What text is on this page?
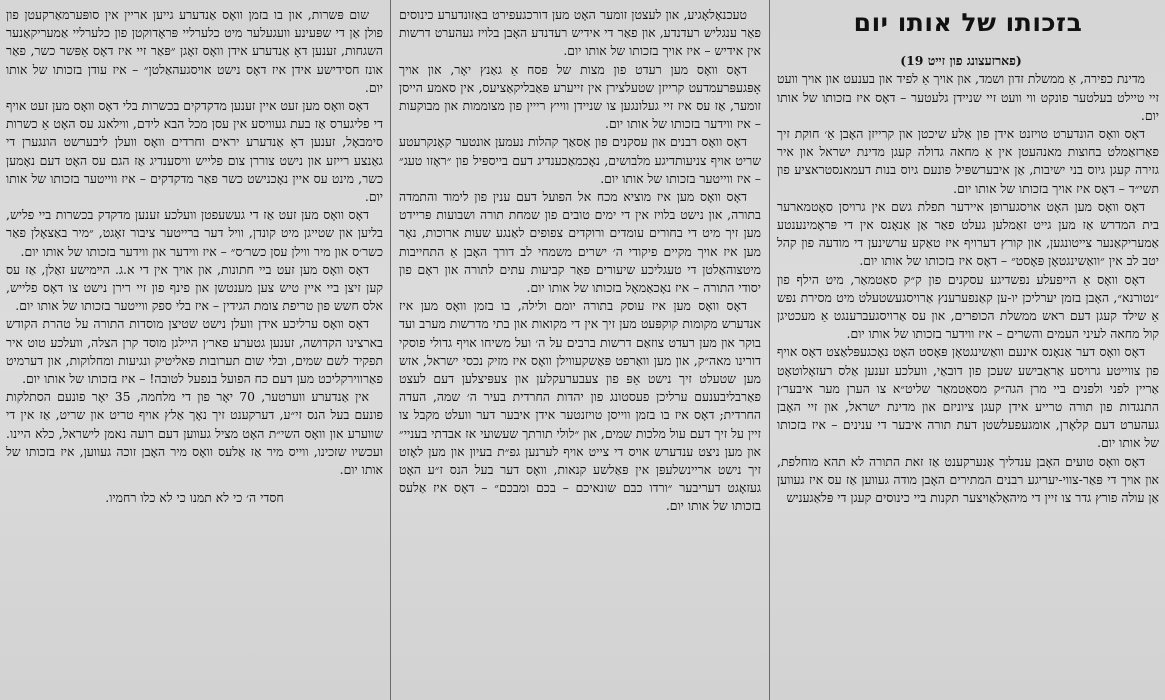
בזכותו של אותו יום

(פארזעצונג פון זייט 19)

מדינת כפירה, אַ ממשלת זדון ושמד, און אויך אַ לפיד און בענעט און אויך וועט זיי טיילט בעלטער פונקט ווי וועט זיי שניידן גלעטער – דאָס איז בזכותו של אותו יום.

דאָס וואָס הונדערט טויזנט אידן פון אַלע שיכטן און קרייזן האָבן אַ׳ חוקת זיך פאַרזאַמלט בחוצות מאנהעטן אין אַ מחאה גדולה קעגן מדינת ישראל און איר גזירה קעגן גיוס בני ישיבות, אַן איבערשפּיל פונעם גיוס בנות דעמאנסטראציע פון תשי״ד – דאָס איז אויך בזכותו של אותו יום.

דאָס וואָס מען האָט אויסגערופן איידער תפלת גשם אין גרויסן סאָטמארער בית המדרש אַז מען גייט זאַמלען געלט פאַר אַן אַנאָנס אין די פּראָמינענטע אַמעריקאַנער צייטונגען, און קורץ דערויף איז טאַקע ערשינען די מודעה פון קהל יטב לב אין ״וואַשינגטאָן פּאָסט״ – דאָס איז בזכותו של אותו יום.

דאָס וואָס אַ הייפעלע נפשדיגע עסקנים פון ק״ק סאַטמאַר, מיט הילף פון ״נטורנא״, האָבן בזמן יערליכן יו-ען קאַנפערענץ אַרויסגעשטעלט מיט מסירת נפש אַ שילד קעגן דעם ראש ממשלת הכופרים, און עס אַרויסגעברענגט אַ מעכטיגן קול מחאה לעיני העמים והשרים – איז ווידער בזכותו של אותו יום.

דאָס וואָס דער אַנאָנס אינעם וואַשינגטאָן פּאָסט האָט נאָכגעפּלאַצט דאָס אויף פון צווייטע גרויסע אַראַבישע שעכן פון דובאַי, וועלכע זענען אַלס רעזאָלוטאָט אַריין לפני ולפנים ביי מרן הגה״ק מסאַטמאַר שליט״א צו הערן מער איבער׳ן התנגדות פון תורה טרייע אידן קעגן ציוניזם און מדינת ישראל, און זיי האָבן געהערט דעם קלאָרן, אומגעפעלשטן דעת תורה איבער די ענינים – איז בזכותו של אותו יום.

דאָס וואָס טועים האָבן ענדליך אַנערקענט אַז זאת התורה לא תהא מוחלפת, און אויך די פּאַר-צווי-יעריגע רבנים המתירים האָבן מודה געווען אַז עס איז געווען אַן עולה פורץ גדר צו זיין די מיהאַלאַויצער תקנות ביי כינוסים קעגן די פּלאַגעניש

טעכנאָלאָגיע, און לעצטן זומער האָט מען דורכגעפירט באַזונדערע כינוסים פאַר ענגליש רעדנדע, און פאַר די אידיש רעדנדע האָבן בלויז געהערט דרשות אין אידיש – איז אויך בזכותו של אותו יום.

דאָס וואָס מען רעדט פון מצות של פסח אַ גאַנץ יאָר, און אויך אָפּגעפּרעמדעט קרייזן שטעלצירן אין זייערע פּאַבליקאַציעס, אין סאמע הייסן זומער, אַז עס איז זיי געלונגען צו שניידן ווייץ רייין פון מצוממות און מבוקעות – איז ווידער בזכותו של אותו יום.

דאָס וואָס רבנים און עסקנים פון אַסאַך קהלות נעמען אונטער קאָנקרעטע שריט אויף צניעותדיגע מלבושים, נאָכמאַכענדיג דעם בייספּיל פון ״ראָזו טעג״ – איז ווייטער בזכותו של אותו יום.

דאָס וואָס מען איז מוציא מכח אל הפועל דעם ענין פון לימוד והתמדה בתורה, און נישט בלויז אין די ימים טובים פון שמחת תורה ושבועות פּריידט מען זיך מיט די בחורים עומדים ורוקדים צפופים לאַנגע שעות ארוכות, נאָר מען איז אויך מקיים פיקודי ה׳ ישרים משמחי לב דורך האָבן אַ התחייבות מיטצוהאַלטן די טעגליכע שיעורים פאַר קביעות עתים לתורה און ראָם פון יסודי התורה – איז נאָכאַמאָל בזכותו של אותו יום.

דאָס וואָס מען איז עוסק בתורה יומם ולילה, בו בזמן וואָס מען איז אנדערש מקומות קוקפּעט מען זיך אין די מקואות און בתי מדרשות מערב ועד בוקר און מען רעדט צוזאַם דרשות ברבים על ה׳ ועל משיחו אויף גדולי פוסקי דורינו מאה״ק, און מען וואַרפט פּאַשקעווילן וואָס איז מזיק נכסי ישראל, אזש מען שטעלט זיך נישט אַפּ פון צעבערעקלען און צעפּיצלען דעם לעצט פאַרבליבענעם ערליכן פעסטונג פון יהדות החרדית בעיר ה׳ שמה, העדה החרדית; דאָס איז בו בזמן ווייסן טויזנטער אידן איבער דער וועלט מקבל צו זיין על זיך דעם עול מלכות שמים, און ״לולי תורתך שעשועי אז אבדתי בעניי״ און מען ניצט ענדערש אויס די צייט אויף לערנען גפ״ת בעיון און מען לאָזט זיך נישט אריינשלעפּן אין פּאַלשע קנאות, וואָס דער בעל הנס ז״ע האָט געזאָגט דעריבער ״ורדו כבם שונאיכם – בכם ומבכם״ – דאָס איז אַלעס בזכותו של אותו יום.

שום פּשרות, און בו בזמן וואָס אַנדערע גייען אריין אין סופּערמאַרקעטן פון פולן אַן די שפּעינע וועגעלער מיט כלערליי פּראָדוקטן פון כלערליי אַמעריקאַנער השגחות, זענען דאָ אַנדערע אידן וואָס זאָגן ״פּאַר זיי איז דאָס אַפּשר כשר, פאַר אונז חסידישע אידן איז דאָס נישט אויסגעהאַלטן״ – איז עודן בזכותו של אותו יום.

דאָס וואָס מען זעט איין זענען מדקדקים בכשרות בלי דאָס וואָס מען זעט אויף די פליגערס אַז בעת געוויסע אין עסן מכל הבא לידם, ווילאנג עס האָט אַ כשרות סימבאָל, זענען דאָ אַנדערע יראים וחרדים וואָס וועלן ליבערשט הונגערן די גאַנצע רייזע און נישט צוררן צום פלייש וויסענדיג אַז הגם עס האָט דעם נאָמען כשר, מינט עס איין נאָכנישט כשר פאַר מדקדקים – איז ווייטער בזכותו של אותו יום.

דאָס וואָס מען זעט אַז די געשעפטן וועלכע זענען מדקדק בכשרות ביי פליש, בליען און שטייגן מיט קונדן, וויל דער ברייטער ציבור זאָגט, ״מיר באַצאָלן פאַר כשר׳ס און מיר ווילן עסן כשר׳ס״ – איז ווידער און ווידער בזכותו של אותו יום.

דאָס וואָס מען זעט ביי חתונות, און אויך אין די א.ג. הײמישע זאַלן, אַז עס קען זיצן ביי איין טיש צען מענטשן און פינף פון זיי רירן נישט צו דאָס פלייש, אלס חשש פון טריפת צומת הגידין – איז בלי ספק ווייטער בזכותו של אותו יום.

דאָס וואָס ערליכע אידן וועלן נישט שטיצן מוסדות התורה על טהרת הקודש בארצינו הקדושה, זענען גטערע פאר׳ן היילגן מוסד קרן הצלה, וועלכע טוט איר תפקיד לשם שמים, ובלי שום תערובות פאליטיק ונגיעות ומחלוקות, און דערמיט פאַרווירקליכט מען דעם כח הפועל בנפעל לטובה! – איז בזכותו של אותו יום.

אין אַנדערע ווערטער, 70 יאָר פון די מלחמה, 35 יאָר פונעם הסתלקות פונעם בעל הנס זי״ע, דערקענט זיך נאָך אַלץ אויף טריט און שריט, אַז אין די שווערע און וואָס השי״ת האָט מציל געווען דעם רועה נאמן לישראל, כלא היינו. ועכשיו שזכינו, ווייס מיר אַז אַלעס וואָס מיר האָבן זוכה געווען, איז בזכותו של אותו יום.

חסדי ה׳ כי לא תמנו כי לא כלו רחמיו.
